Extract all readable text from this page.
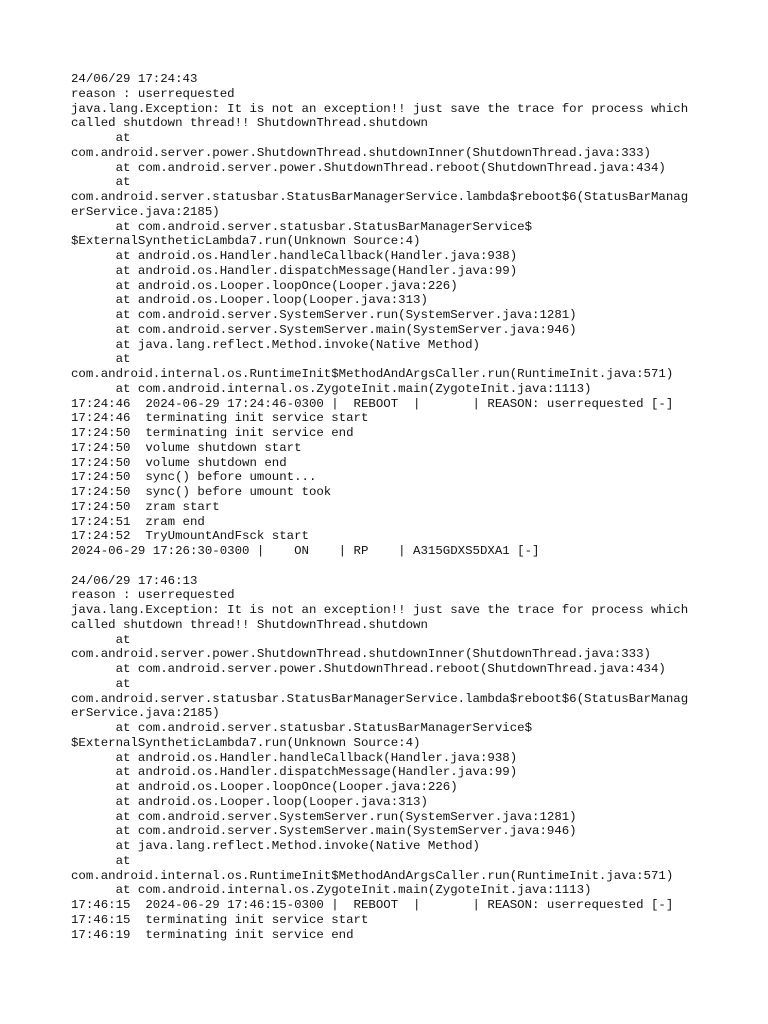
24/06/29 17:24:43
reason : userrequested
java.lang.Exception: It is not an exception!! just save the trace for process which
called shutdown thread!! ShutdownThread.shutdown
at
com.android.server.power.ShutdownThread.shutdownInner(ShutdownThread.java:333)
at com.android.server.power.ShutdownThread.reboot(ShutdownThread.java:434)
at
com.android.server.statusbar.StatusBarManagerService.lambda$reboot$6(StatusBarManag
erService.java:2185)
at com.android.server.statusbar.StatusBarManagerService$
$ExternalSyntheticLambda7.run(Unknown Source:4)
at android.os.Handler.handleCallback(Handler.java:938)
at android.os.Handler.dispatchMessage(Handler.java:99)
at android.os.Looper.loopOnce(Looper.java:226)
at android.os.Looper.loop(Looper.java:313)
at com.android.server.SystemServer.run(SystemServer.java:1281)
at com.android.server.SystemServer.main(SystemServer.java:946)
at java.lang.reflect.Method.invoke(Native Method)
at
com.android.internal.os.RuntimeInit$MethodAndArgsCaller.run(RuntimeInit.java:571)
at com.android.internal.os.ZygoteInit.main(ZygoteInit.java:1113)
17:24:46  2024-06-29 17:24:46-0300 |  REBOOT  |       | REASON: userrequested [-]
17:24:46  terminating init service start
17:24:50  terminating init service end
17:24:50  volume shutdown start
17:24:50  volume shutdown end
17:24:50  sync() before umount...
17:24:50  sync() before umount took
17:24:50  zram start
17:24:51  zram end
17:24:52  TryUmountAndFsck start
2024-06-29 17:26:30-0300 |    ON    | RP    | A315GDXS5DXA1 [-]
24/06/29 17:46:13
reason : userrequested
java.lang.Exception: It is not an exception!! just save the trace for process which
called shutdown thread!! ShutdownThread.shutdown
at
com.android.server.power.ShutdownThread.shutdownInner(ShutdownThread.java:333)
at com.android.server.power.ShutdownThread.reboot(ShutdownThread.java:434)
at
com.android.server.statusbar.StatusBarManagerService.lambda$reboot$6(StatusBarManag
erService.java:2185)
at com.android.server.statusbar.StatusBarManagerService$
$ExternalSyntheticLambda7.run(Unknown Source:4)
at android.os.Handler.handleCallback(Handler.java:938)
at android.os.Handler.dispatchMessage(Handler.java:99)
at android.os.Looper.loopOnce(Looper.java:226)
at android.os.Looper.loop(Looper.java:313)
at com.android.server.SystemServer.run(SystemServer.java:1281)
at com.android.server.SystemServer.main(SystemServer.java:946)
at java.lang.reflect.Method.invoke(Native Method)
at
com.android.internal.os.RuntimeInit$MethodAndArgsCaller.run(RuntimeInit.java:571)
at com.android.internal.os.ZygoteInit.main(ZygoteInit.java:1113)
17:46:15  2024-06-29 17:46:15-0300 |  REBOOT  |       | REASON: userrequested [-]
17:46:15  terminating init service start
17:46:19  terminating init service end
